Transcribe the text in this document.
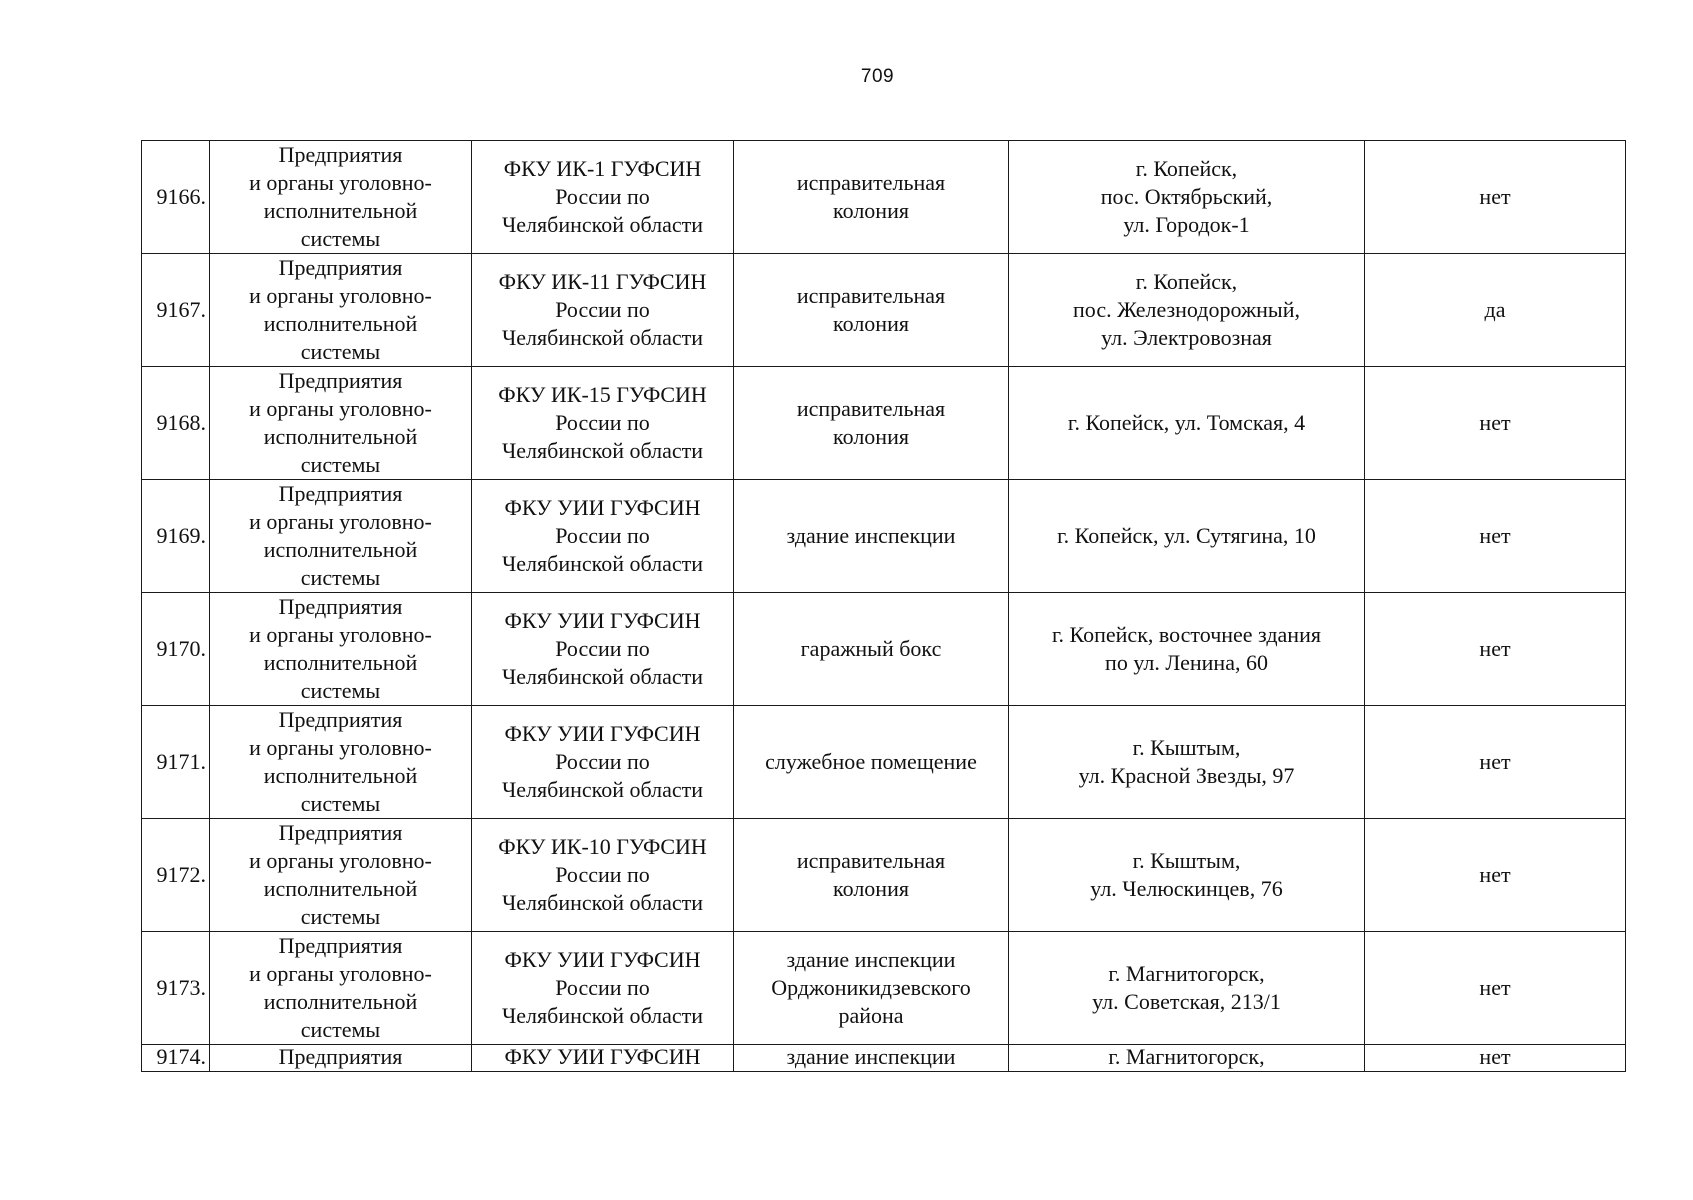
709
9166.	Предприятия
и органы уголовно-
исполнительной
системы	ФКУ ИК-1 ГУФСИН
России по
Челябинской области	исправительная
колония	г. Копейск,
пос. Октябрьский,
ул. Городок-1	нет
9167.	Предприятия
и органы уголовно-
исполнительной
системы	ФКУ ИК-11 ГУФСИН
России по
Челябинской области	исправительная
колония	г. Копейск,
пос. Железнодорожный,
ул. Электровозная	да
9168.	Предприятия
и органы уголовно-
исполнительной
системы	ФКУ ИК-15 ГУФСИН
России по
Челябинской области	исправительная
колония	г. Копейск, ул. Томская, 4	нет
9169.	Предприятия
и органы уголовно-
исполнительной
системы	ФКУ УИИ ГУФСИН
России по
Челябинской области	здание инспекции	г. Копейск, ул. Сутягина, 10	нет
9170.	Предприятия
и органы уголовно-
исполнительной
системы	ФКУ УИИ ГУФСИН
России по
Челябинской области	гаражный бокс	г. Копейск, восточнее здания
по ул. Ленина, 60	нет
9171.	Предприятия
и органы уголовно-
исполнительной
системы	ФКУ УИИ ГУФСИН
России по
Челябинской области	служебное помещение	г. Кыштым,
ул. Красной Звезды, 97	нет
9172.	Предприятия
и органы уголовно-
исполнительной
системы	ФКУ ИК-10 ГУФСИН
России по
Челябинской области	исправительная
колония	г. Кыштым,
ул. Челюскинцев, 76	нет
9173.	Предприятия
и органы уголовно-
исполнительной
системы	ФКУ УИИ ГУФСИН
России по
Челябинской области	здание инспекции
Орджоникидзевского
района	г. Магнитогорск,
ул. Советская, 213/1	нет
9174.	Предприятия	ФКУ УИИ ГУФСИН	здание инспекции	г. Магнитогорск,	нет
